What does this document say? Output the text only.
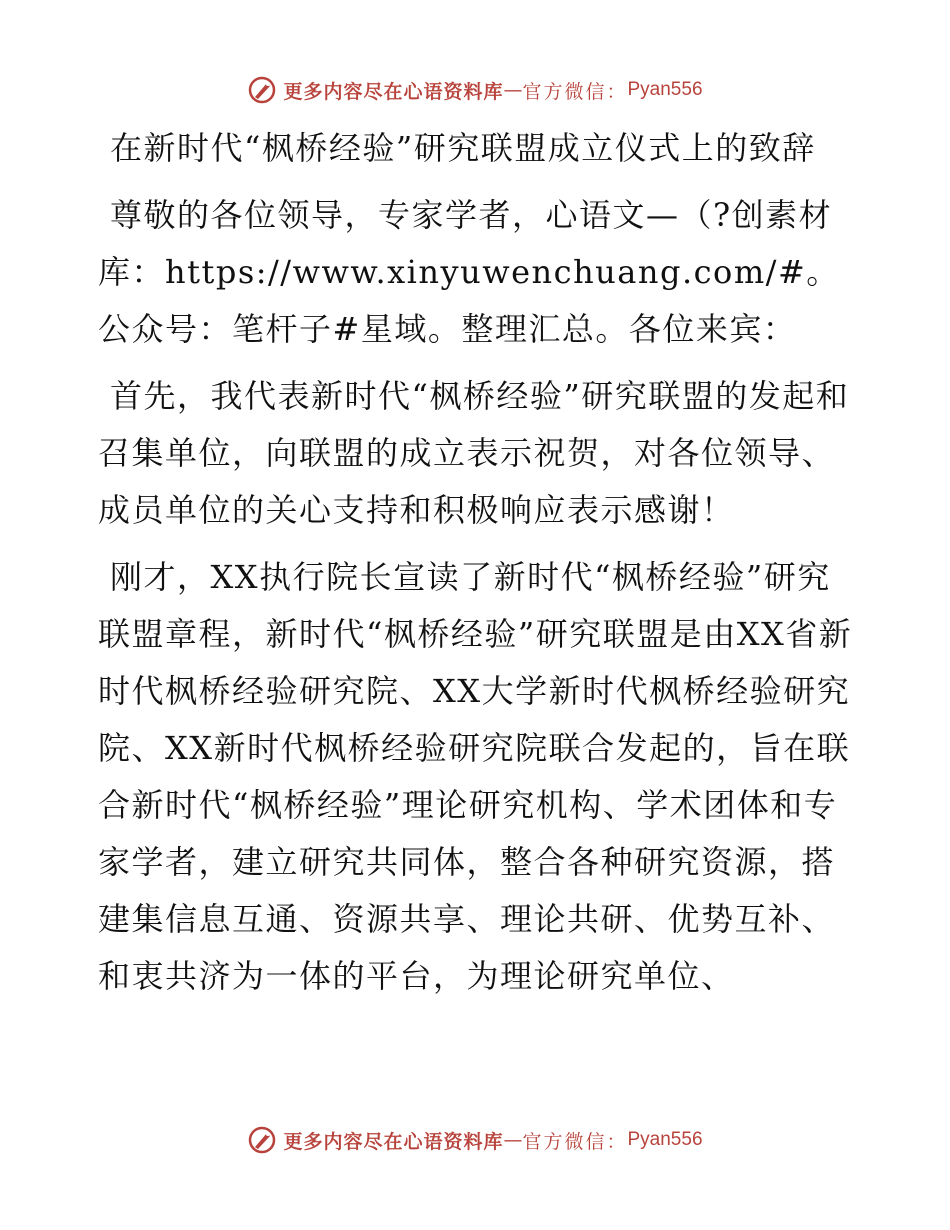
更多内容尽在心语资料库 — 官方微信： Pyan556

在新时代“枫桥经验”研究联盟成立仪式上的致辞

尊敬的各位领导，专家学者，心语文—（?创素材库：https://www.xinyuwenchuang.com/#。公众号：笔杆子#星域。整理汇总。各位来宾：

首先，我代表新时代“枫桥经验”研究联盟的发起和召集单位，向联盟的成立表示祝贺，对各位领导、成员单位的关心支持和积极响应表示感谢！

刚才，XX执行院长宣读了新时代“枫桥经验”研究联盟章程，新时代“枫桥经验”研究联盟是由XX省新时代枫桥经验研究院、XX大学新时代枫桥经验研究院、XX新时代枫桥经验研究院联合发起的，旨在联合新时代“枫桥经验”理论研究机构、学术团体和专家学者，建立研究共同体，整合各种研究资源，搭建集信息互通、资源共享、理论共研、优势互补、和衷共济为一体的平台，为理论研究单位、

更多内容尽在心语资料库 — 官方微信： Pyan556
